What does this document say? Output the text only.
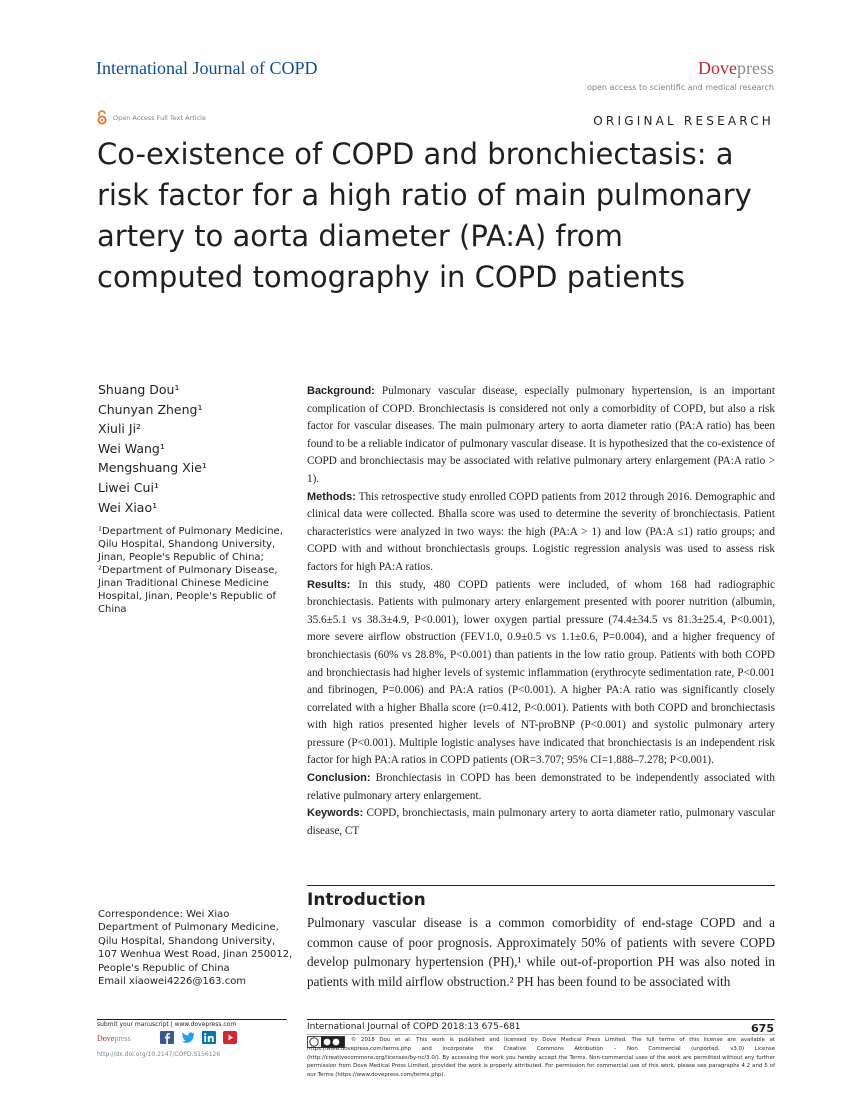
International Journal of COPD	Dovepress
open access to scientific and medical research
Open Access Full Text Article	ORIGINAL RESEARCH
Co-existence of COPD and bronchiectasis: a risk factor for a high ratio of main pulmonary artery to aorta diameter (PA:A) from computed tomography in COPD patients
Shuang Dou¹
Chunyan Zheng¹
Xiuli Ji²
Wei Wang¹
Mengshuang Xie¹
Liwei Cui¹
Wei Xiao¹
¹Department of Pulmonary Medicine, Qilu Hospital, Shandong University, Jinan, People's Republic of China; ²Department of Pulmonary Disease, Jinan Traditional Chinese Medicine Hospital, Jinan, People's Republic of China
Correspondence: Wei Xiao
Department of Pulmonary Medicine,
Qilu Hospital, Shandong University,
107 Wenhua West Road, Jinan 250012,
People's Republic of China
Email xiaowei4226@163.com

Background: Pulmonary vascular disease, especially pulmonary hypertension, is an important complication of COPD. Bronchiectasis is considered not only a comorbidity of COPD, but also a risk factor for vascular diseases. The main pulmonary artery to aorta diameter ratio (PA:A ratio) has been found to be a reliable indicator of pulmonary vascular disease. It is hypothesized that the co-existence of COPD and bronchiectasis may be associated with relative pulmonary artery enlargement (PA:A ratio > 1).

Methods: This retrospective study enrolled COPD patients from 2012 through 2016. Demographic and clinical data were collected. Bhalla score was used to determine the severity of bronchiectasis. Patient characteristics were analyzed in two ways: the high (PA:A > 1) and low (PA:A ≤1) ratio groups; and COPD with and without bronchiectasis groups. Logistic regression analysis was used to assess risk factors for high PA:A ratios.

Results: In this study, 480 COPD patients were included, of whom 168 had radiographic bronchiectasis. Patients with pulmonary artery enlargement presented with poorer nutrition (albumin, 35.6±5.1 vs 38.3±4.9, P<0.001), lower oxygen partial pressure (74.4±34.5 vs 81.3±25.4, P<0.001), more severe airflow obstruction (FEV1.0, 0.9±0.5 vs 1.1±0.6, P=0.004), and a higher frequency of bronchiectasis (60% vs 28.8%, P<0.001) than patients in the low ratio group. Patients with both COPD and bronchiectasis had higher levels of systemic inflammation (erythrocyte sedimentation rate, P<0.001 and fibrinogen, P=0.006) and PA:A ratios (P<0.001). A higher PA:A ratio was significantly closely correlated with a higher Bhalla score (r=0.412, P<0.001). Patients with both COPD and bronchiectasis with high ratios presented higher levels of NT-proBNP (P<0.001) and systolic pulmonary artery pressure (P<0.001). Multiple logistic analyses have indicated that bronchiectasis is an independent risk factor for high PA:A ratios in COPD patients (OR=3.707; 95% CI=1.888–7.278; P<0.001).

Conclusion: Bronchiectasis in COPD has been demonstrated to be independently associated with relative pulmonary artery enlargement.

Keywords: COPD, bronchiectasis, main pulmonary artery to aorta diameter ratio, pulmonary vascular disease, CT

Introduction

Pulmonary vascular disease is a common comorbidity of end-stage COPD and a common cause of poor prognosis. Approximately 50% of patients with severe COPD develop pulmonary hypertension (PH),¹ while out-of-proportion PH was also noted in patients with mild airflow obstruction.² PH has been found to be associated with

submit your manuscript | www.dovepress.com
Dovepress
http://dx.doi.org/10.2147/COPD.S156126
International Journal of COPD 2018:13 675–681	675
© 2018 Dou et al. This work is published and licensed by Dove Medical Press Limited. The full terms of this license are available at https://www.dovepress.com/terms.php and incorporate the Creative Commons Attribution – Non Commercial (unported, v3.0) License (http://creativecommons.org/licenses/by-nc/3.0/). By accessing the work you hereby accept the Terms. Non-commercial uses of the work are permitted without any further permission from Dove Medical Press Limited, provided the work is properly attributed. For permission for commercial use of this work, please see paragraphs 4.2 and 5 of our Terms (https://www.dovepress.com/terms.php).
